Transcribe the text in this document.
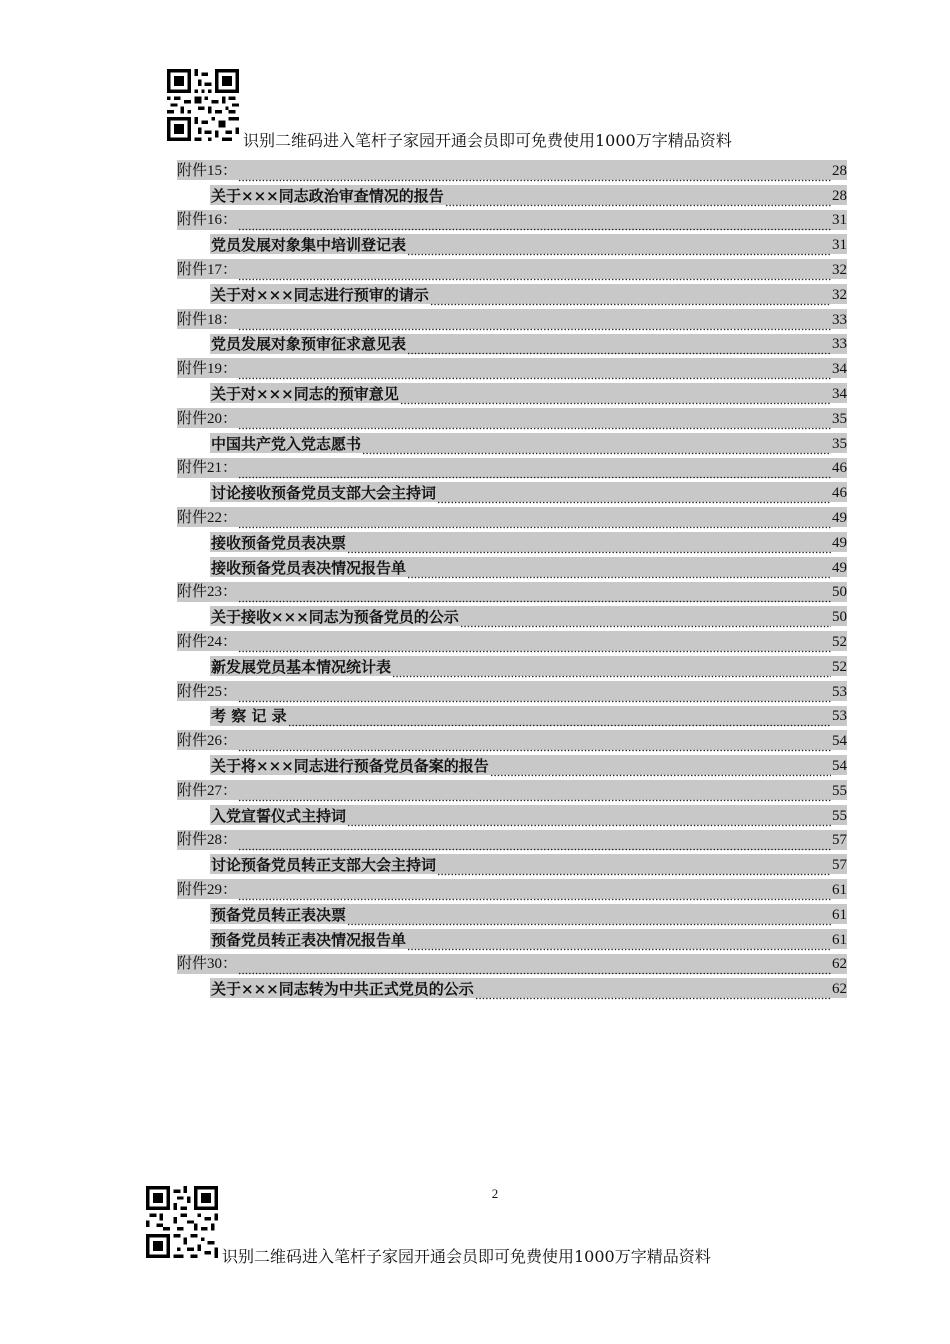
识别二维码进入笔杆子家园开通会员即可免费使用1000万字精品资料
附件15：	28
关于×××同志政治审查情况的报告	28
附件16：	31
党员发展对象集中培训登记表	31
附件17：	32
关于对×××同志进行预审的请示	32
附件18：	33
党员发展对象预审征求意见表	33
附件19：	34
关于对×××同志的预审意见	34
附件20：	35
中国共产党入党志愿书	35
附件21：	46
讨论接收预备党员支部大会主持词	46
附件22：	49
接收预备党员表决票	49
接收预备党员表决情况报告单	49
附件23：	50
关于接收×××同志为预备党员的公示	50
附件24：	52
新发展党员基本情况统计表	52
附件25：	53
考 察 记 录	53
附件26：	54
关于将×××同志进行预备党员备案的报告	54
附件27：	55
入党宣誓仪式主持词	55
附件28：	57
讨论预备党员转正支部大会主持词	57
附件29：	61
预备党员转正表决票	61
预备党员转正表决情况报告单	61
附件30：	62
关于×××同志转为中共正式党员的公示	62
2
识别二维码进入笔杆子家园开通会员即可免费使用1000万字精品资料
